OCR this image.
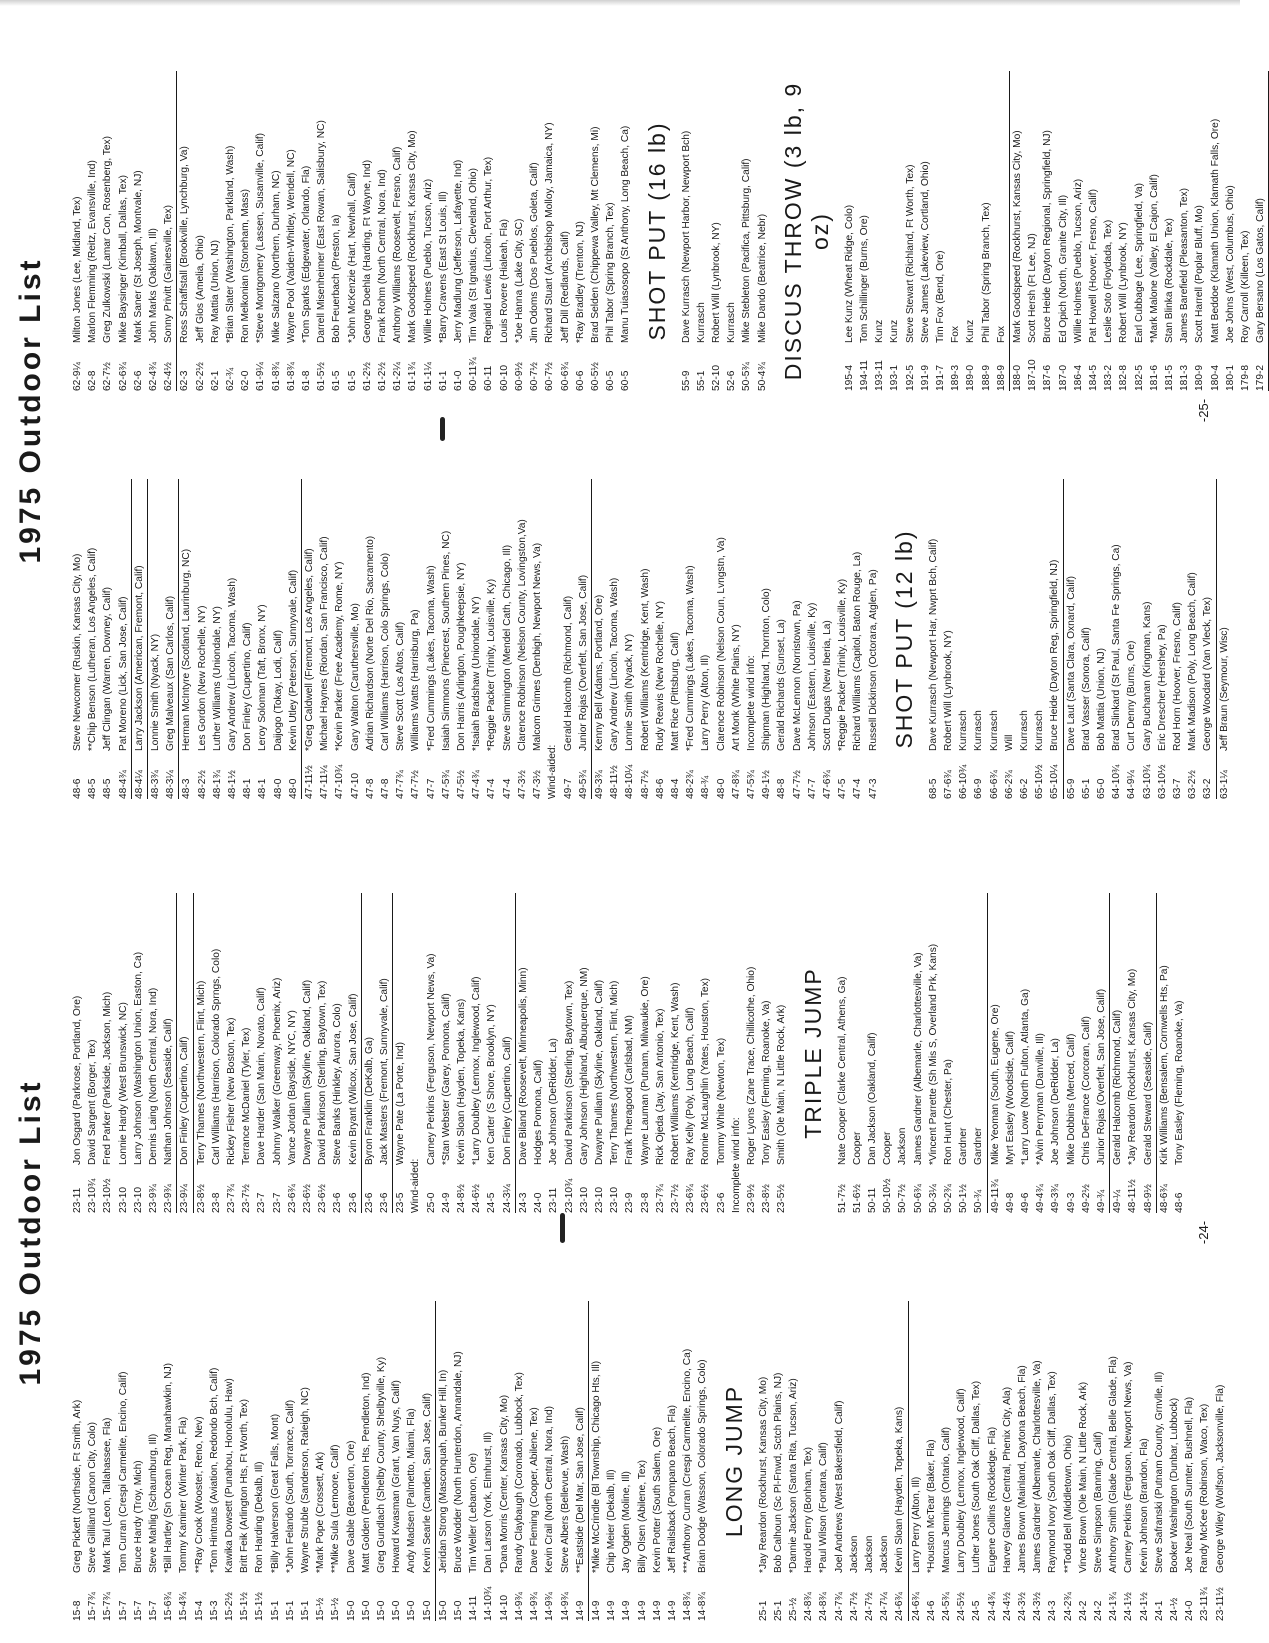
1975 Outdoor List
15-8
Greg Pickett (Northside, Ft Smith, Ark)
15-7¾
Steve Gilliland (Canon City, Colo)
15-7¾
Mark Taul (Leon, Tallahassee, Fla)
15-7
Tom Curran (Crespi Carmelite, Encino, Calif)
15-7
Bruce Hardy (Troy, Mich)
15-7
Steve Mahlig (Schaumburg, Ill)
15-6¾
*Bill Hartley (Sn Ocean Reg, Manahawkin, NJ)
15-4¾
Tommy Kaminer (Winter Park, Fla)
15-4
**Ray Crook (Wooster, Reno, Nev)
15-3
*Tom Hintnaus (Aviation, Redondo Bch, Calif)
15-2½
Kawika Dowsett (Punahou, Honolulu, Haw)
15-1½
Britt Feik (Arlington Hts, Ft Worth, Tex)
15-1½
Ron Harding (Dekalb, Ill)
15-1
*Billy Halverson (Great Falls, Mont)
15-1
*John Felando (South, Torrance, Calif)
15-1
Wayne Struble (Sanderson, Raleigh, NC)
15-½
*Mark Pope (Crossett, Ark)
15-½
**Mike Sula (Lemoore, Calif)
15-0
Dave Gable (Beaverton, Ore)
15-0
Matt Golden (Pendleton Hts, Pendleton, Ind)
15-0
Greg Gundlach (Shelby County, Shelbyville, Ky)
15-0
Howard Kwasman (Grant, Van Nuys, Calif)
15-0
Andy Madsen (Palmetto, Miami, Fla)
15-0
Kevin Searle (Camden, San Jose, Calif)
15-0
Jeridan Strong (Masconquah, Bunker Hill, In)
15-0
Bruce Wodder (North Hunterdon, Annandale, NJ)
14-11
Tim Weller (Lebanon, Ore)
14-10¾
Dan Larson (York, Elmhurst, Ill)
14-10
*Dana Morris (Center, Kansas City, Mo)
14-9¾
Randy Claybaugh (Coronado, Lubbock, Tex)
14-9¾
Dave Fleming (Cooper, Abilene, Tex)
14-9¾
Kevin Crail (North Central, Nora, Ind)
14-9¾
Steve Albers (Bellevue, Wash)
14-9
**Eastside (Del Mar, San Jose, Calif)
14-9
*Mike McCrindle (Bl Township, Chicago Hts, Ill)
14-9
Chip Meier (Dekalb, Ill)
14-9
Jay Ogden (Moline, Ill)
14-9
Billy Olsen (Abilene, Tex)
14-9
Kevin Potter (South Salem, Ore)
14-9
Jeff Railsback (Pompano Beach, Fla)
14-8¾
***Anthony Curran (Crespi Carmelite, Encino, Ca)
14-8¾
Brian Dodge (Wasson, Colorado Springs, Colo) LONG JUMP
25-1
*Jay Reardon (Rockhurst, Kansas City, Mo)
25-1
Bob Calhoun (Sc Pl-Fnwd, Sctch Plains, NJ)
25-½
*Dannie Jackson (Santa Rita, Tucson, Ariz)
24-8¾
Harold Perry (Bonham, Tex)
24-8¾
*Paul Wilson (Fontana, Calif)
24-7¾
Joel Andrews (West Bakersfield, Calif)
24-7½
Jackson
24-7½
Jackson
24-7¼
Jackson
24-6¾
Kevin Sloan (Hayden, Topeka, Kans)
24-6¾
Larry Perry (Alton, Ill)
24-6
*Houston McTear (Baker, Fla)
24-5¾
Marcus Jennings (Ontario, Calif)
24-5½
Larry Doubley (Lennox, Inglewood, Calif)
24-5
Luther Jones (South Oak Cliff, Dallas, Tex)
24-4¾
Eugene Collins (Rockledge, Fla)
24-4½
Harvey Glance (Central, Phenix City, Ala)
24-3½
James Brown (Mainland, Daytona Beach, Fla)
24-3½
James Gardner (Albemarle, Charlottesville, Va)
24-3
Raymond Ivory (South Oak Cliff, Dallas, Tex)
24-2¾
**Todd Bell (Middletown, Ohio)
24-2
Vince Brown (Ole Main, N Little Rock, Ark)
24-2
Steve Simpson (Banning, Calif)
24-1¾
Anthony Smith (Glade Central, Belle Glade, Fla)
24-1½
Carney Perkins (Ferguson, Newport News, Va)
24-1½
Kevin Johnson (Brandon, Fla)
24-1
Steve Safranski (Putnam County, Grnvlle, Ill)
24-½
Booker Washington (Dunbar, Lubbock)
24-0
Joe Neal (South Sumter, Bushnell, Fla)
23-11¾
Randy McKee (Robinson, Waco, Tex)
23-11½
George Wiley (Wolfson, Jacksonville, Fla)
23-11
Jon Osgard (Parkrose, Portland, Ore)
23-10¾
David Sargent (Borger, Tex)
23-10½
Fred Parker (Parkside, Jackson, Mich)
23-10
Lonnie Hardy (West Brunswick, NC)
23-10
Larry Johnson (Washington Union, Easton, Ca)
23-9¾
Dennis Laing (North Central, Nora, Ind)
23-9¾
Nathan Johnson (Seaside, Calif)
23-9¼
Don Finley (Cupertino, Calif)
23-8½
Terry Thames (Northwestern, Flint, Mich)
23-8
Carl Williams (Harrison, Colorado Sprngs, Colo)
23-7¾
Rickey Fisher (New Boston, Tex)
23-7½
Terrance McDaniel (Tyler, Tex)
23-7
Dave Harder (San Marin, Novato, Calif)
23-7
Johnny Walker (Greenway, Phoenix, Ariz)
23-6¾
Vance Jordan (Bayside, NYC, NY)
23-6½
Dwayne Pulliam (Skyline, Oakland, Calif)
23-6½
David Parkinson (Sterling, Baytown, Tex)
23-6
Steve Banks (Hinkley, Aurora, Colo)
23-6
Kevin Bryant (Wilcox, San Jose, Calif)
23-6
Byron Franklin (DeKalb, Ga)
23-6
Jack Masters (Fremont, Sunnyvale, Calif)
23-5
Wayne Pate (La Porte, Ind)
Wind-aided: 25-0
Carney Perkins (Ferguson, Newport News, Va)
24-9
*Stan Webster (Garey, Pomona, Calif)
24-8½
Kevin Sloan (Hayden, Topeka, Kans)
24-6½
*Larry Doubley (Lennox, Inglewood, Calif)
24-5
Ken Carter (S Shore, Brooklyn, NY)
24-3¼
Don Finley (Cupertino, Calif)
24-3
Dave Biland (Roosevelt, Minneapolis, Minn)
24-0
Hodges Pomona, Calif)
23-11
Joe Johnson (DeRidder, La)
23-10¾
David Parkinson (Sterling, Baytown, Tex)
23-10
Gary Johnson (Highland, Albuquerque, NM)
23-10
Dwayne Pulliam (Skyline, Oakland, Calif)
23-10
Terry Thames (Northwestern, Flint, Mich)
23-9
Frank Theragood (Carlsbad, NM)
23-8
Wayne Lauman (Putnam, Milwaukie, Ore)
23-7¾
Rick Ojeda (Jay, San Antonio, Tex)
23-7½
Robert Williams (Kentridge, Kent, Wash)
23-6¾
Ray Kelly (Poly, Long Beach, Calif)
23-6½
Ronnie McLaughlin (Yates, Houston, Tex)
23-6
Tommy White (Newton, Tex)
Incomplete wind info: 23-9½
Roger Lyons (Zane Trace, Chillicothe, Ohio)
23-8½
Tony Easley (Fleming, Roanoke, Va)
23-5½
Smith (Ole Main, N Little Rock, Ark) TRIPLE JUMP
51-7½
Nate Cooper (Clarke Central, Athens, Ga)
51-6½
Cooper
50-11
Dan Jackson (Oakland, Calif)
50-10½
Cooper
50-7½
Jackson
50-6¾
James Gardner (Albemarle, Charlottesville, Va)
50-3¼
*Vincent Parrette (Sh Mis S, Overland Prk, Kans)
50-2¾
Ron Hunt (Chester, Pa)
50-1½
Gardner
50-¾
Gardner
49-11¾
Mike Yeoman (South, Eugene, Ore)
49-8
Myrt Easley (Woodside, Calif)
49-6
*Larry Lowe (North Fulton, Atlanta, Ga)
49-4¾
*Alvin Perryman (Danville, Ill)
49-3¾
Joe Johnson (DeRidder, La)
49-3
Mike Dobbins (Merced, Calif)
49-2½
Chris DeFrance (Corcoran, Calif)
49-¾
Junior Rojas (Overfelt, San Jose, Calif)
49-¼
Gerald Halcomb (Richmond, Calif)
48-11½
*Jay Reardon (Rockhurst, Kansas City, Mo)
48-9½
Gerald Steward (Seaside, Calif)
48-6¾
Kirk Williams (Bensalem, Cornwells Hts, Pa)
48-6
Tony Easley (Fleming, Roanoke, Va)
-24-
1975 Outdoor List
48-6
Steve Newcomer (Ruskin, Kansas City, Mo)
48-5
**Chip Benson (Lutheran, Los Angeles, Calif)
48-5
Jeff Clingan (Warren, Downey, Calif)
48-4¾
Pat Moreno (Lick, San Jose, Calif)
48-4¼
Larry Jackson (American, Fremont, Calif)
48-3¾
Lonnie Smith (Nyack, NY)
48-3¼
Greg Malveaux (San Carlos, Calif)
48-3
Herman McIntyre (Scotland, Laurinburg, NC)
48-2½
Les Gordon (New Rochelle, NY)
48-1¾
Luther Williams (Uniondale, NY)
48-1½
Gary Andrew (Lincoln, Tacoma, Wash)
48-1
Don Finley (Cupertino, Calif)
48-1
Leroy Soloman (Taft, Bronx, NY)
48-0
Daijogo (Tokay, Lodi, Calif)
48-0
Kevin Utley (Peterson, Sunnyvale, Calif)
47-11½
*Greg Caldwell (Fremont, Los Angeles, Calif)
47-11¼
Michael Haynes (Riordan, San Francisco, Calif)
47-10¾
*Kevin Parker (Free Academy, Rome, NY)
47-10
Gary Walton (Caruthersville, Mo)
47-8
Adrian Richardson (Norte Del Rio, Sacramento)
47-8
Carl Williams (Harrison, Colo Springs, Colo)
47-7¾
Steve Scott (Los Altos, Calif)
47-7½
Williams Watts (Harrisburg, Pa)
47-7
*Fred Cummings (Lakes, Tacoma, Wash)
47-5¾
Isaiah Simmons (Pinecrest, Southern Pines, NC)
47-5½
Don Harris (Arlington, Poughkeepsie, NY)
47-4¾
*Isaiah Bradshaw (Uniondale, NY)
47-4
*Reggie Packer (Trinity, Louisville, Ky)
47-4
Steve Simmington (Mendel Cath, Chicago, Ill)
47-3½
Clarence Robinson (Nelson County, Lovingston,Va)
47-3½
Malcom Grimes (Denbigh, Newport News, Va)
Wind-aided: 49-7
Gerald Halcomb (Richmond, Calif)
49-5¾
Junior Rojas (Overfelt, San Jose, Calif)
49-3¾
Kenny Bell (Adams, Portland, Ore)
48-11½
Gary Andrew (Lincoln, Tacoma, Wash)
48-10¼
Lonnie Smith (Nyack, NY)
48-7½
Robert Williams (Kentridge, Kent, Wash)
48-6
Rudy Reavis (New Rochelle, NY)
48-4
Matt Rice (Pittsburg, Calif)
48-2¾
*Fred Cummings (Lakes, Tacoma, Wash)
48-¾
Larry Perry (Alton, Ill)
48-0
Clarence Robinson (Nelson Coun, Lvngstn, Va)
47-8¾
Art Monk (White Plains, NY)
47-5¾
Incomplete wind info:
49-1½
Shipman (Highland, Thornton, Colo)
48-8
Gerald Richards (Sunset, La)
47-7½
Dave McLennon (Norristown, Pa)
47-7
Johnson (Eastern, Louisville, Ky)
47-6¾
Scott Dugas (New Iberia, La)
47-5
*Reggie Packer (Trinity, Louisville, Ky)
47-4
Richard Williams (Capitol, Baton Rouge, La)
47-3
Russell Dickinson (Octorara, Atglen, Pa) SHOT PUT (12 lb)
68-5
Dave Kurrasch (Newport Har, Nwprt Bch, Calif)
67-6¾
Robert Will (Lynbrook, NY)
66-10¾
Kurrasch
66-9
Kurrasch
66-6¾
Kurrasch
66-2¾
Will
66-2
Kurrasch
65-10½
Kurrasch
65-10¼
Bruce Heide (Dayton Reg, Springfield, NJ)
65-9
Dave Laut (Santa Clara, Oxnard, Calif)
65-1
Brad Vasser (Sonora, Calif)
65-0
Bob Mattia (Union, NJ)
64-10¾
Brad Slinkard (St Paul, Santa Fe Springs, Ca)
64-9¼
Curt Denny (Burns, Ore)
63-10¾
Gary Buchanan (Kingman, Kans)
63-10½
Eric Drescher (Hershey, Pa)
63-7
Rod Horn (Hoover, Fresno, Calif)
63-2½
Mark Madison (Poly, Long Beach, Calif)
63-2
George Woodard (Van Vleck, Tex)
63-1¼
Jeff Braun (Seymour, Wisc)
62-9¼
Milton Jones (Lee, Midland, Tex)
62-8
Marlon Flemming (Reitz, Evansville, Ind)
62-7½
Greg Zulkowski (Lamar Con, Rosenberg, Tex)
62-6¾
Mike Baysinger (Kimball, Dallas, Tex)
62-6
Mark Saner (St Joseph, Montvale, NJ)
62-4¾
John Marks (Oaklawn, Ill)
62-4½
Sonny Privitt (Gainesville, Tex)
62-3
Ross Schaffstall (Brookville, Lynchburg, Va)
62-2½
Jeff Glos (Amelia, Ohio)
62-1
Ray Mattia (Union, NJ)
62-¾
*Brian Slater (Washington, Parkland, Wash)
62-0
Ron Melkonian (Stoneham, Mass)
61-9¼
*Steve Montgomery (Lassen, Susanville, Calif)
61-8¾
Mike Salzano (Northern, Durham, NC)
61-8¾
Wayne Pool (Vaiden-Whitley, Wendell, NC)
61-8
*Tom Sparks (Edgewater, Orlando, Fla)
61-5½
Darrell Misenheimer (East Rowan, Salisbury, NC)
61-5
Bob Feuerbach (Preston, Ia)
61-5
*John McKenzie (Hart, Newhall, Calif)
61-2½
George Doehla (Harding, Ft Wayne, Ind)
61-2½
Frank Rohm (North Central, Nora, Ind)
61-2¼
Anthony Williams (Roosevelt, Fresno, Calif)
61-1¾
Mark Goodspeed (Rockhurst, Kansas City, Mo)
61-1¼
Willie Holmes (Pueblo, Tucson, Ariz)
61-1
*Barry Cravens (East St Louis, Ill)
61-0
Jerry Madlung (Jefferson, Lafayette, Ind)
60-11¾
Tim Vala (St Ignatius, Cleveland, Ohio)
60-11
Reginald Lewis (Lincoln, Port Arthur, Tex)
60-10
Louis Rovere (Hialeah, Fla)
60-9½
*Joe Hanna (Lake City, SC)
60-7½
Jim Odoms (Dos Pueblos, Goleta, Calif)
60-7½
Richard Stuart (Archbishop Molloy, Jamaica, NY)
60-6¾
Jeff Dill (Redlands, Calif)
60-6
*Ray Bradley (Trenton, NJ)
60-5½
Brad Selden (Chippewa Valley, Mt Clemens, Mi)
60-5
Phil Tabor (Spring Branch, Tex)
60-5
Manu Tuiasosopo (St Anthony, Long Beach, Ca) SHOT PUT (16 lb)
55-9
Dave Kurrasch (Newport Harbor, Newport Bch)
55-1
Kurrasch
52-10
Robert Will (Lynbrook, NY)
52-6
Kurrasch
50-5¾
Mike Stebleton (Pacifica, Pittsburg, Calif)
50-4¾
Mike Dando (Beatrice, Nebr) DISCUS THROW (3 lb, 9 oz)
195-4
Lee Kunz (Wheat Ridge, Colo)
194-11
Tom Schillinger (Burns, Ore)
193-11
Kunz
193-1
Kunz
192-5
Steve Stewart (Richland, Ft Worth, Tex)
191-9
Steve James (Lakeview, Cortland, Ohio)
191-7
Tim Fox (Bend, Ore)
189-3
Fox
189-0
Kunz
188-9
Phil Tabor (Spring Branch, Tex)
188-9
Fox
188-0
Mark Goodspeed (Rockhurst, Kansas City, Mo)
187-10
Scott Hersh (Ft Lee, NJ)
187-6
Bruce Heide (Dayton Regional, Springfield, NJ)
187-0
Ed Opich (North, Granite City, Ill)
186-4
Willie Holmes (Pueblo, Tucson, Ariz)
184-5
Pat Howell (Hoover, Fresno, Calif)
183-2
Leslie Soto (Floydada, Tex)
182-8
Robert Will (Lynbrook, NY)
182-5
Earl Cubbage (Lee, Springfield, Va)
181-6
*Mark Malone (Valley, El Cajon, Calif)
181-5
Stan Blinka (Rockdale, Tex)
181-3
James Barefield (Pleasanton, Tex)
180-9
Scott Harrell (Poplar Bluff, Mo)
180-4
Matt Beddoe (Klamath Union, Klamath Falls, Ore)
180-1
Joe Johns (West, Columbus, Ohio)
179-8
Roy Carroll (Killeen, Tex)
179-2
Gary Bersano (Los Gatos, Calif)
-25-
